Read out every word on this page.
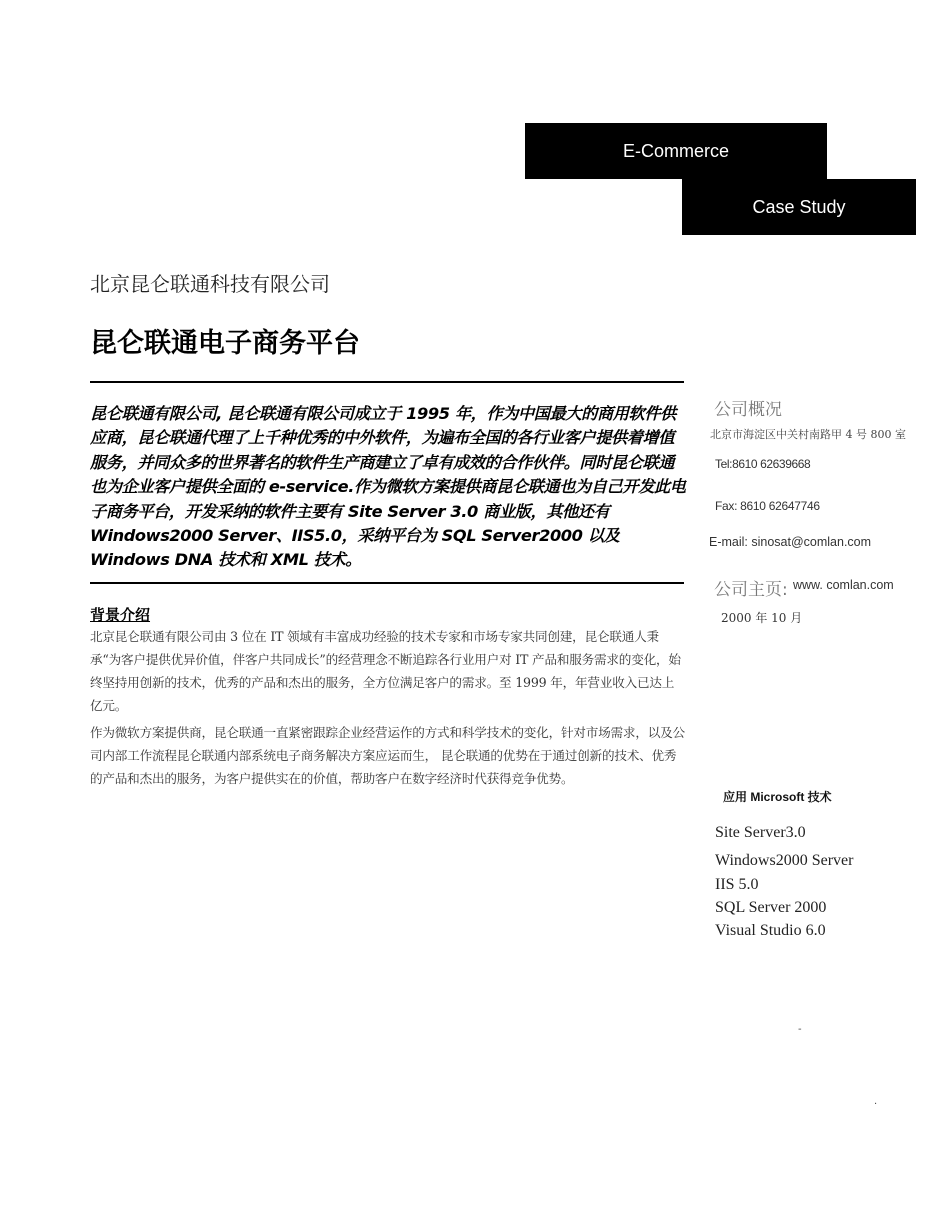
E-Commerce
Case Study
北京昆仑联通科技有限公司
昆仑联通电子商务平台
昆仑联通有限公司, 昆仑联通有限公司成立于 1995 年，作为中国最大的商用软件供应商，昆仑联通代理了上千种优秀的中外软件，为遍布全国的各行业客户提供着增值服务，并同众多的世界著名的软件生产商建立了卓有成效的合作伙伴。同时昆仑联通也为企业客户提供全面的 e-service.作为微软方案提供商昆仑联通也为自己开发此电子商务平台，开发采纳的软件主要有 Site Server 3.0 商业版，其他还有 Windows2000 Server、IIS5.0，采纳平台为 SQL Server2000 以及 Windows DNA 技术和 XML 技术。
背景介绍

北京昆仑联通有限公司由 3 位在 IT 领域有丰富成功经验的技术专家和市场专家共同创建，昆仑联通人秉承“为客户提供优异价值，伴客户共同成长”的经营理念不断追踪各行业用户对 IT 产品和服务需求的变化，始终坚持用创新的技术，优秀的产品和杰出的服务，全方位满足客户的需求。至 1999 年，年营业收入已达上亿元。

作为微软方案提供商，昆仑联通一直紧密跟踪企业经营运作的方式和科学技术的变化，针对市场需求，以及公司内部工作流程昆仑联通内部系统电子商务解决方案应运而生， 昆仑联通的优势在于通过创新的技术、优秀的产品和杰出的服务，为客户提供实在的价值，帮助客户在数字经济时代获得竞争优势。

公司概况
北京市海淀区中关村南路甲 4 号 800 室
Tel:8610 62639668
Fax: 8610 62647746
E-mail: sinosat@comlan.com
公司主页: www. comlan.com
2000 年 10 月
应用 Microsoft 技术
Site Server3.0
Windows2000 Server
IIS 5.0
SQL Server 2000
Visual Studio 6.0
-
.
